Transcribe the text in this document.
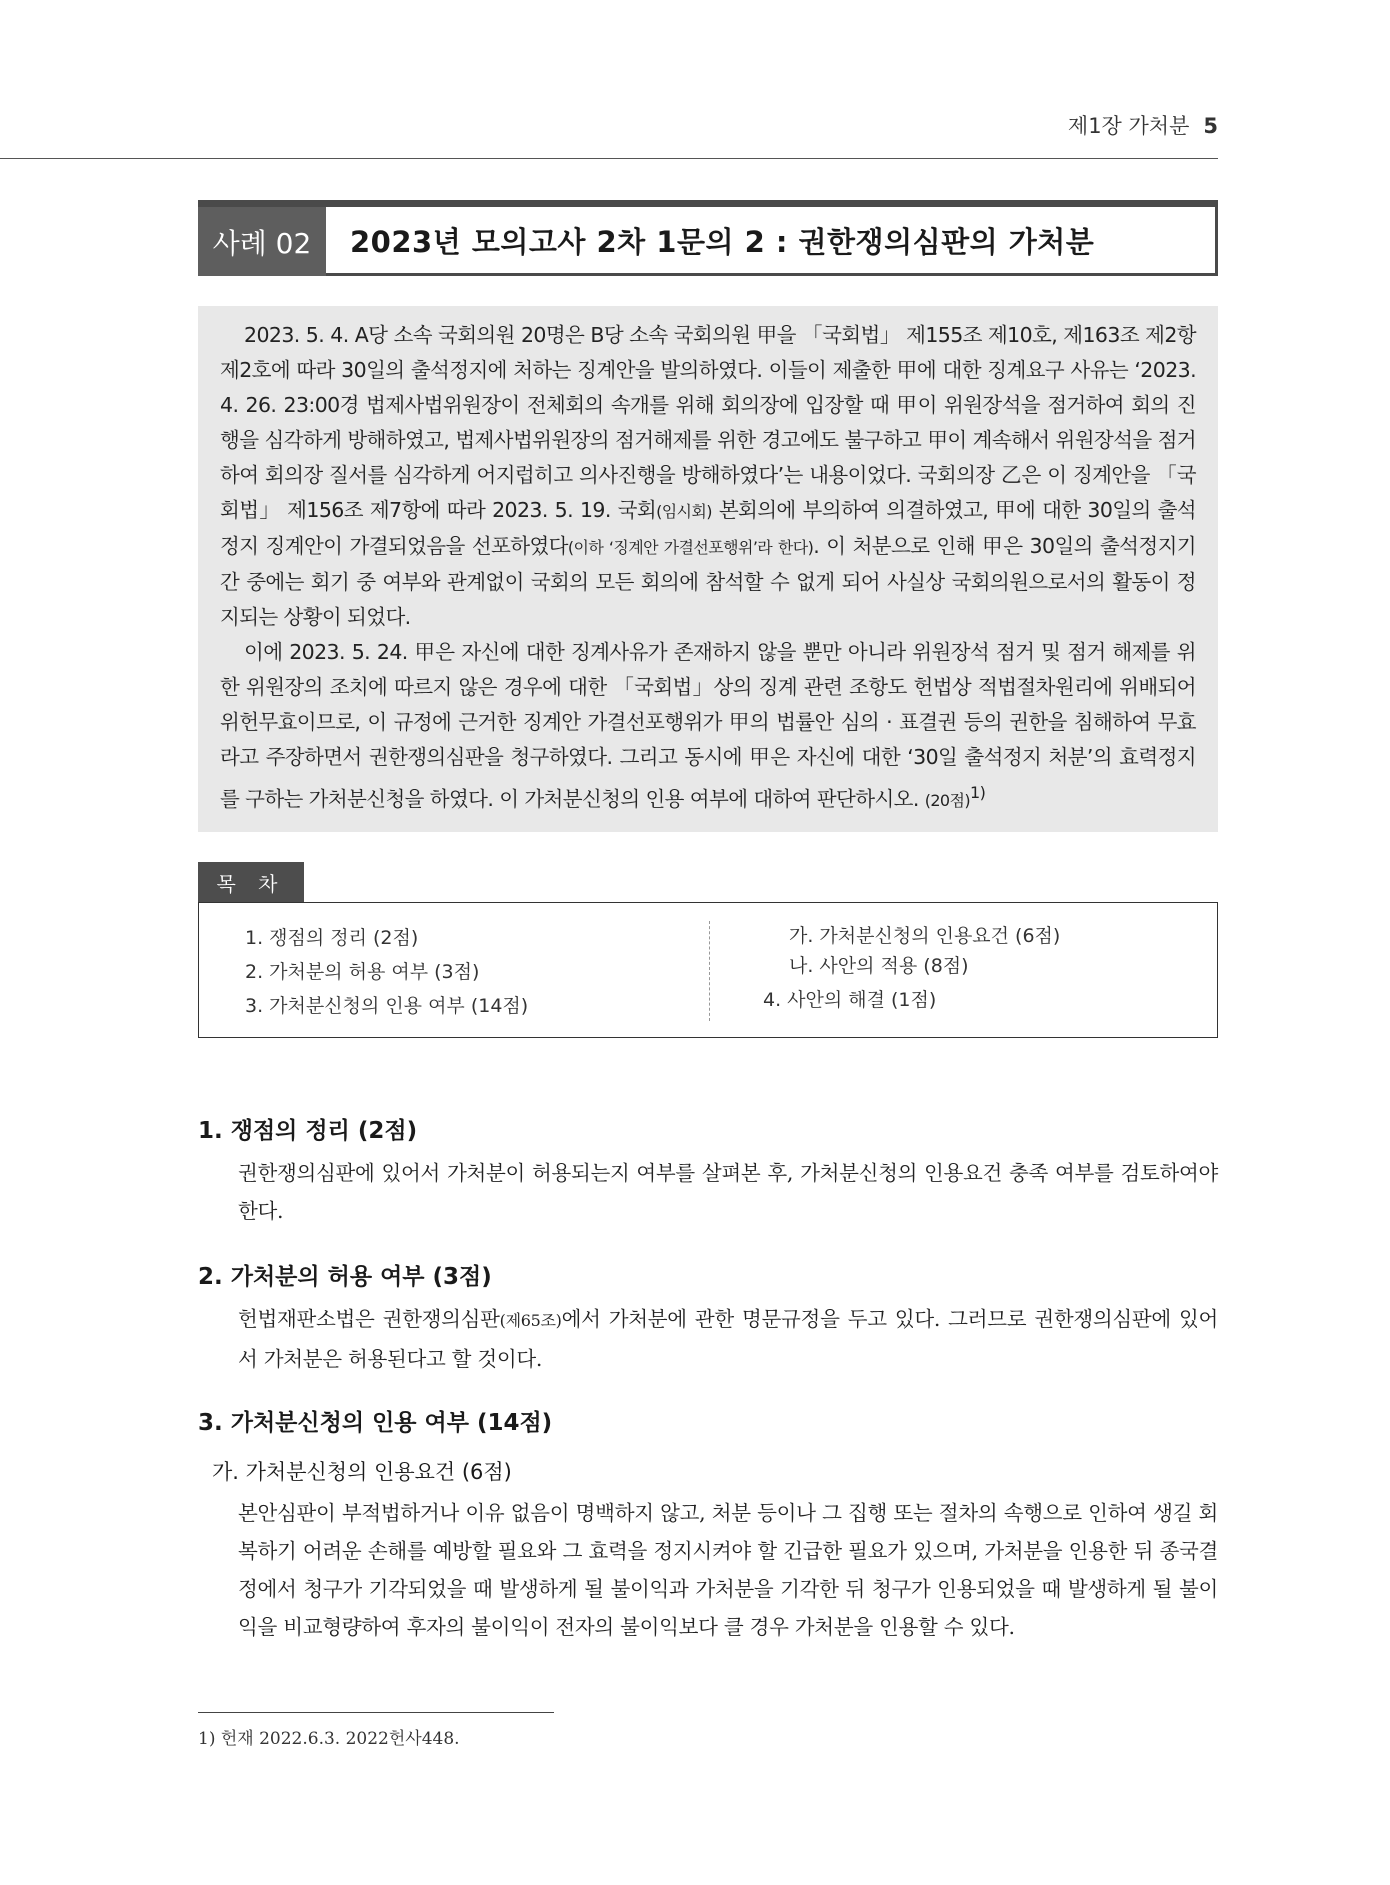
제1장 가처분 5
사례 02	2023년 모의고사 2차 1문의 2 : 권한쟁의심판의 가처분

2023. 5. 4. A당 소속 국회의원 20명은 B당 소속 국회의원 甲을 「국회법」 제155조 제10호, 제163조 제2항 제2호에 따라 30일의 출석정지에 처하는 징계안을 발의하였다. 이들이 제출한 甲에 대한 징계요구 사유는 ‘2023. 4. 26. 23:00경 법제사법위원장이 전체회의 속개를 위해 회의장에 입장할 때 甲이 위원장석을 점거하여 회의 진행을 심각하게 방해하였고, 법제사법위원장의 점거해제를 위한 경고에도 불구하고 甲이 계속해서 위원장석을 점거하여 회의장 질서를 심각하게 어지럽히고 의사진행을 방해하였다’는 내용이었다. 국회의장 乙은 이 징계안을 「국회법」 제156조 제7항에 따라 2023. 5. 19. 국회(임시회) 본회의에 부의하여 의결하였고, 甲에 대한 30일의 출석정지 징계안이 가결되었음을 선포하였다(이하 ‘징계안 가결선포행위’라 한다). 이 처분으로 인해 甲은 30일의 출석정지기간 중에는 회기 중 여부와 관계없이 국회의 모든 회의에 참석할 수 없게 되어 사실상 국회의원으로서의 활동이 정지되는 상황이 되었다.

이에 2023. 5. 24. 甲은 자신에 대한 징계사유가 존재하지 않을 뿐만 아니라 위원장석 점거 및 점거 해제를 위한 위원장의 조치에 따르지 않은 경우에 대한 「국회법」상의 징계 관련 조항도 헌법상 적법절차원리에 위배되어 위헌무효이므로, 이 규정에 근거한 징계안 가결선포행위가 甲의 법률안 심의 · 표결권 등의 권한을 침해하여 무효라고 주장하면서 권한쟁의심판을 청구하였다. 그리고 동시에 甲은 자신에 대한 ‘30일 출석정지 처분’의 효력정지를 구하는 가처분신청을 하였다. 이 가처분신청의 인용 여부에 대하여 판단하시오. (20점)$^{1)}$

목 차
1. 쟁점의 정리 (2점)
2. 가처분의 허용 여부 (3점)
3. 가처분신청의 인용 여부 (14점)
가. 가처분신청의 인용요건 (6점)
나. 사안의 적용 (8점)
4. 사안의 해결 (1점)
1. 쟁점의 정리 (2점)

권한쟁의심판에 있어서 가처분이 허용되는지 여부를 살펴본 후, 가처분신청의 인용요건 충족 여부를 검토하여야한다.

2. 가처분의 허용 여부 (3점)

헌법재판소법은 권한쟁의심판(제65조)에서 가처분에 관한 명문규정을 두고 있다. 그러므로 권한쟁의심판에 있어서 가처분은 허용된다고 할 것이다.

3. 가처분신청의 인용 여부 (14점)
가. 가처분신청의 인용요건 (6점)

본안심판이 부적법하거나 이유 없음이 명백하지 않고, 처분 등이나 그 집행 또는 절차의 속행으로 인하여 생길 회복하기 어려운 손해를 예방할 필요와 그 효력을 정지시켜야 할 긴급한 필요가 있으며, 가처분을 인용한 뒤 종국결정에서 청구가 기각되었을 때 발생하게 될 불이익과 가처분을 기각한 뒤 청구가 인용되었을 때 발생하게 될 불이익을 비교형량하여 후자의 불이익이 전자의 불이익보다 클 경우 가처분을 인용할 수 있다.

1) 헌재 2022.6.3. 2022헌사448.
